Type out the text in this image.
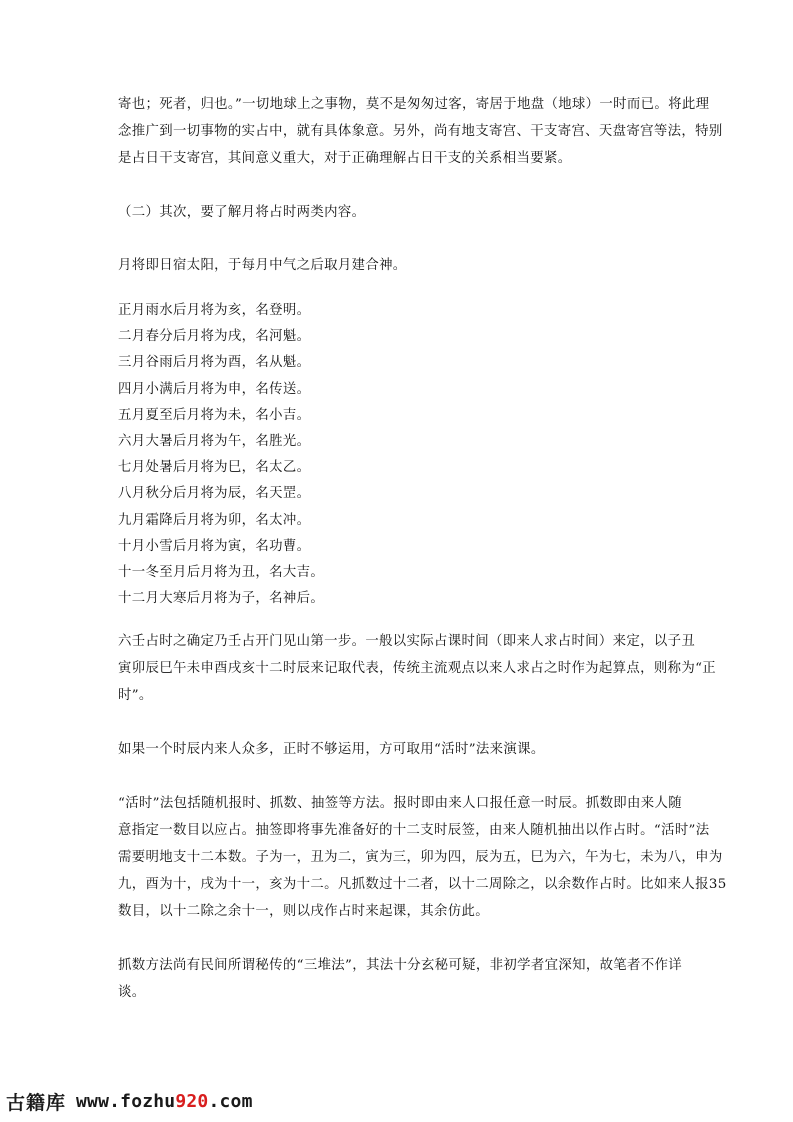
寄也；死者，归也。”一切地球上之事物，莫不是匆匆过客，寄居于地盘（地球）一时而已。将此理
念推广到一切事物的实占中，就有具体象意。另外，尚有地支寄宫、干支寄宫、天盘寄宫等法，特别
是占日干支寄宫，其间意义重大，对于正确理解占日干支的关系相当要紧。

（二）其次，要了解月将占时两类内容。

月将即日宿太阳，于每月中气之后取月建合神。

正月雨水后月将为亥，名登明。
二月春分后月将为戌，名河魁。
三月谷雨后月将为酉，名从魁。
四月小满后月将为申，名传送。
五月夏至后月将为未，名小吉。
六月大暑后月将为午，名胜光。
七月处暑后月将为巳，名太乙。
八月秋分后月将为辰，名天罡。
九月霜降后月将为卯，名太冲。
十月小雪后月将为寅，名功曹。
十一冬至月后月将为丑，名大吉。
十二月大寒后月将为子，名神后。

六壬占时之确定乃壬占开门见山第一步。一般以实际占课时间（即来人求占时间）来定，以子丑
寅卯辰巳午未申酉戌亥十二时辰来记取代表，传统主流观点以来人求占之时作为起算点，则称为“正
时”。

如果一个时辰内来人众多，正时不够运用，方可取用“活时”法来演课。

“活时”法包括随机报时、抓数、抽签等方法。报时即由来人口报任意一时辰。抓数即由来人随
意指定一数目以应占。抽签即将事先准备好的十二支时辰签，由来人随机抽出以作占时。“活时”法
需要明地支十二本数。子为一，丑为二，寅为三，卯为四，辰为五，巳为六，午为七，未为八，申为
九，酉为十，戌为十一，亥为十二。凡抓数过十二者，以十二周除之，以余数作占时。比如来人报35
数目，以十二除之余十一，则以戌作占时来起课，其余仿此。

抓数方法尚有民间所谓秘传的“三堆法”，其法十分玄秘可疑，非初学者宜深知，故笔者不作详
谈。

古籍库 www.fozhu920.com
